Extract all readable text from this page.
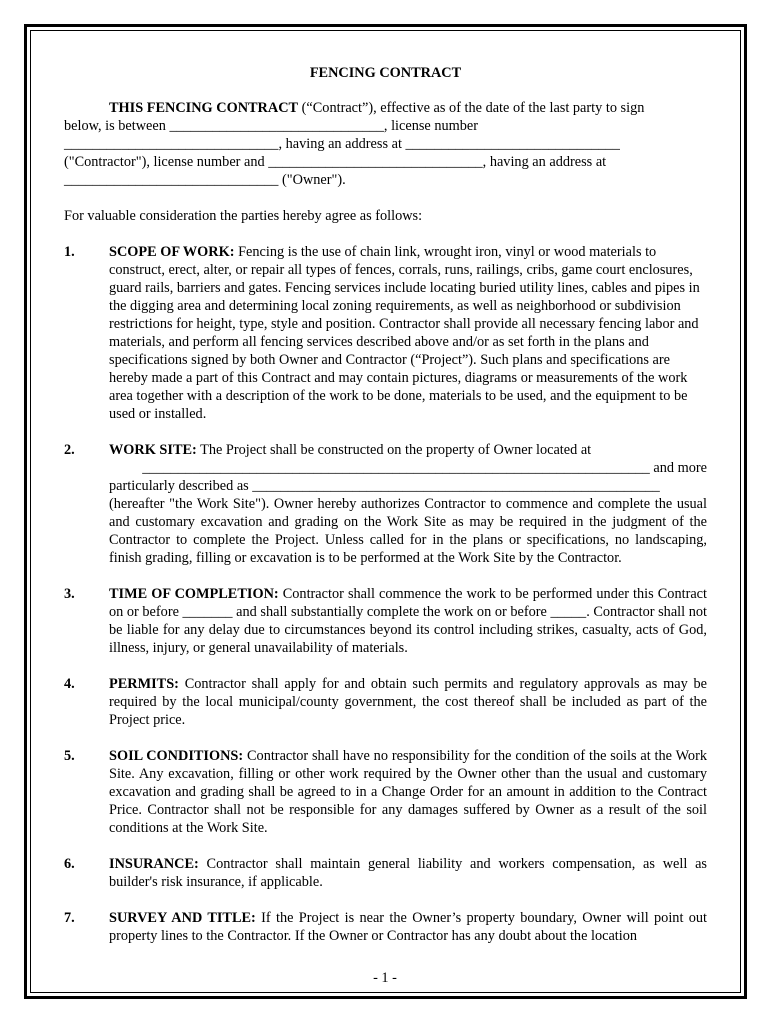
FENCING CONTRACT

THIS FENCING CONTRACT (“Contract”), effective as of the date of the last party to sign

below, is between ______________________________, license number

______________________________, having an address at ______________________________

("Contractor"), license number and ______________________________, having an address at

______________________________ ("Owner").

For valuable consideration the parties hereby agree as follows:

1. SCOPE OF WORK: Fencing is the use of chain link, wrought iron, vinyl or wood materials to construct, erect, alter, or repair all types of fences, corrals, runs, railings, cribs, game court enclosures, guard rails, barriers and gates. Fencing services include locating buried utility lines, cables and pipes in the digging area and determining local zoning requirements, as well as neighborhood or subdivision restrictions for height, type, style and position. Contractor shall provide all necessary fencing labor and materials, and perform all fencing services described above and/or as set forth in the plans and specifications signed by both Owner and Contractor (“Project”). Such plans and specifications are hereby made a part of this Contract and may contain pictures, diagrams or measurements of the work area together with a description of the work to be done, materials to be used, and the equipment to be used or installed.

2. WORK SITE: The Project shall be constructed on the property of Owner located at

_______________________________________________________________________ and more

particularly described as _________________________________________________________

(hereafter "the Work Site"). Owner hereby authorizes Contractor to commence and complete the usual and customary excavation and grading on the Work Site as may be required in the judgment of the Contractor to complete the Project. Unless called for in the plans or specifications, no landscaping, finish grading, filling or excavation is to be performed at the Work Site by the Contractor.

3. TIME OF COMPLETION: Contractor shall commence the work to be performed under this Contract on or before _______ and shall substantially complete the work on or before _____. Contractor shall not be liable for any delay due to circumstances beyond its control including strikes, casualty, acts of God, illness, injury, or general unavailability of materials.

4. PERMITS: Contractor shall apply for and obtain such permits and regulatory approvals as may be required by the local municipal/county government, the cost thereof shall be included as part of the Project price.

5. SOIL CONDITIONS: Contractor shall have no responsibility for the condition of the soils at the Work Site. Any excavation, filling or other work required by the Owner other than the usual and customary excavation and grading shall be agreed to in a Change Order for an amount in addition to the Contract Price. Contractor shall not be responsible for any damages suffered by Owner as a result of the soil conditions at the Work Site.

6. INSURANCE: Contractor shall maintain general liability and workers compensation, as well as builder's risk insurance, if applicable.

7. SURVEY AND TITLE: If the Project is near the Owner’s property boundary, Owner will point out property lines to the Contractor. If the Owner or Contractor has any doubt about the location

- 1 -
